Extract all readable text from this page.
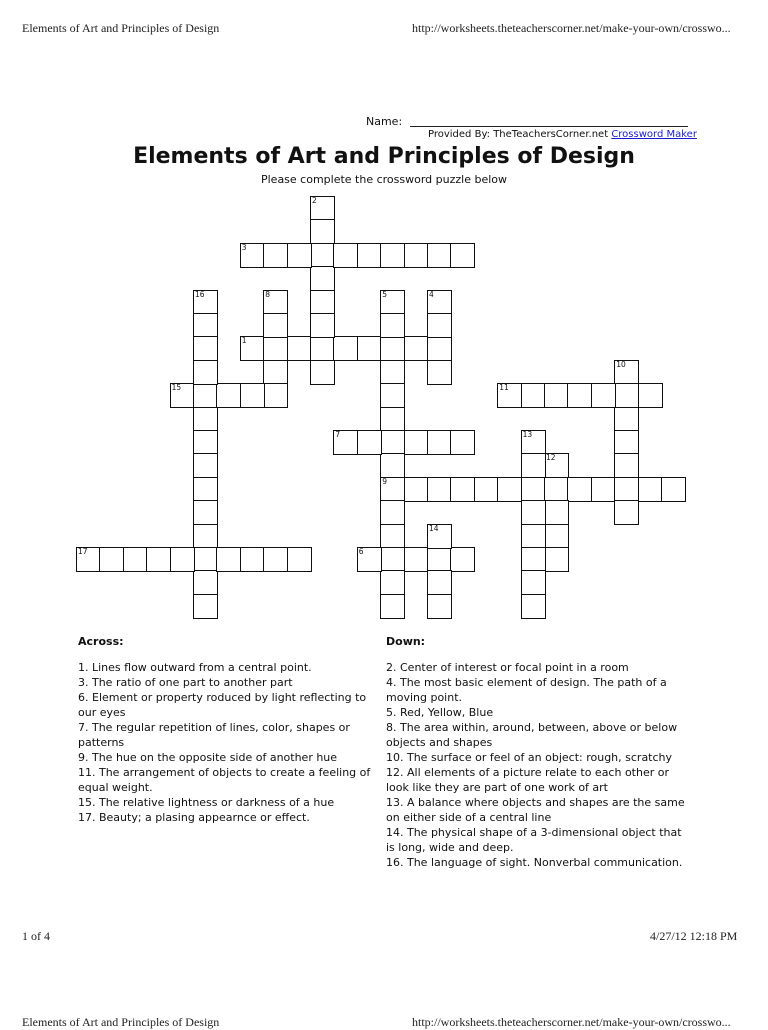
Elements of Art and Principles of Design	http://worksheets.theteacherscorner.net/make-your-own/crosswo...
Name:
Provided By: TheTeachersCorner.net Crossword Maker
Elements of Art and Principles of Design
Please complete the crossword puzzle below
1
2
3
4
5
9
6
7
8
10
11
12
13
14
15
16
17
Across:	Down:
1. Lines flow outward from a central point.
3. The ratio of one part to another part
6. Element or property roduced by light reflecting to our eyes
7. The regular repetition of lines, color, shapes or patterns
9. The hue on the opposite side of another hue
11. The arrangement of objects to create a feeling of equal weight.
15. The relative lightness or darkness of a hue
17. Beauty; a plasing appearnce or effect.
2. Center of interest or focal point in a room
4. The most basic element of design. The path of a moving point.
5. Red, Yellow, Blue
8. The area within, around, between, above or below objects and shapes
10. The surface or feel of an object: rough, scratchy
12. All elements of a picture relate to each other or look like they are part of one work of art
13. A balance where objects and shapes are the same on either side of a central line
14. The physical shape of a 3-dimensional object that is long, wide and deep.
16. The language of sight. Nonverbal communication.
1 of 4	4/27/12 12:18 PM
Elements of Art and Principles of Design	http://worksheets.theteacherscorner.net/make-your-own/crosswo...
